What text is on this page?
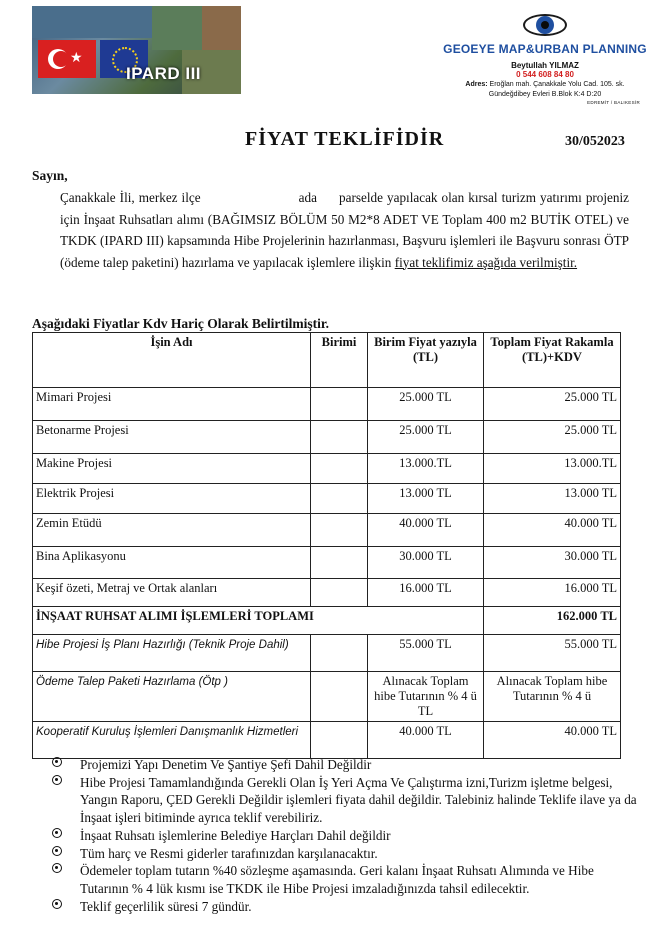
★
IPARD III
GEOEYE MAP&URBAN PLANNING
Beytullah YILMAZ
0 544 608 84 80
Adres: Eroğlan mah. Çanakkale Yolu Cad. 105. sk.
Gündeğdibey Evleri B.Blok K:4 D:20
EDREMİT / BALIKESİR
FİYAT TEKLİFİDİR	30/052023
Sayın,
Çanakkale İli, merkez ilçe	ada parselde yapılacak olan kırsal turizm yatırımı projeniz için İnşaat Ruhsatları alımı (BAĞIMSIZ BÖLÜM 50 M2*8 ADET VE Toplam 400 m2 BUTİK OTEL) ve TKDK (IPARD III) kapsamında Hibe Projelerinin hazırlanması, Başvuru işlemleri ile Başvuru sonrası ÖTP (ödeme talep paketini) hazırlama ve yapılacak işlemlere ilişkin fiyat teklifimiz aşağıda verilmiştir.
Aşağıdaki Fiyatlar Kdv Hariç Olarak Belirtilmiştir.
İşin Adı	Birimi	Birim Fiyat yazıyla (TL)	Toplam Fiyat Rakamla (TL)+KDV
Mimari Projesi		25.000 TL	25.000 TL
Betonarme Projesi		25.000 TL	25.000 TL
Makine Projesi		13.000.TL	13.000.TL
Elektrik Projesi		13.000 TL	13.000 TL
Zemin Etüdü		40.000 TL	40.000 TL
Bina Aplikasyonu		30.000 TL	30.000 TL
Keşif özeti, Metraj ve Ortak alanları		16.000 TL	16.000 TL
İNŞAAT RUHSAT ALIMI İŞLEMLERİ TOPLAMI			162.000 TL
Hibe Projesi İş Planı Hazırlığı (Teknik Proje Dahil)		55.000 TL	55.000 TL
Ödeme Talep Paketi Hazırlama (Ötp )		Alınacak Toplam hibe Tutarının % 4 ü TL	Alınacak Toplam hibe Tutarının % 4 ü
Kooperatif Kuruluş İşlemleri Danışmanlık Hizmetleri		40.000 TL	40.000 TL
Projemizi Yapı Denetim Ve Şantiye Şefi Dahil Değildir
Hibe Projesi Tamamlandığında Gerekli Olan İş Yeri Açma Ve Çalıştırma izni,Turizm işletme belgesi, Yangın Raporu, ÇED Gerekli Değildir işlemleri fiyata dahil değildir. Talebiniz halinde Teklife ilave ya da İnşaat işleri bitiminde ayrıca teklif verebiliriz.
İnşaat Ruhsatı işlemlerine Belediye Harçları Dahil değildir
Tüm harç ve Resmi giderler tarafınızdan karşılanacaktır.
Ödemeler toplam tutarın %40 sözleşme aşamasında. Geri kalanı İnşaat Ruhsatı Alımında ve Hibe Tutarının % 4 lük kısmı ise TKDK ile Hibe Projesi imzaladığınızda tahsil edilecektir.
Teklif geçerlilik süresi 7 gündür.
